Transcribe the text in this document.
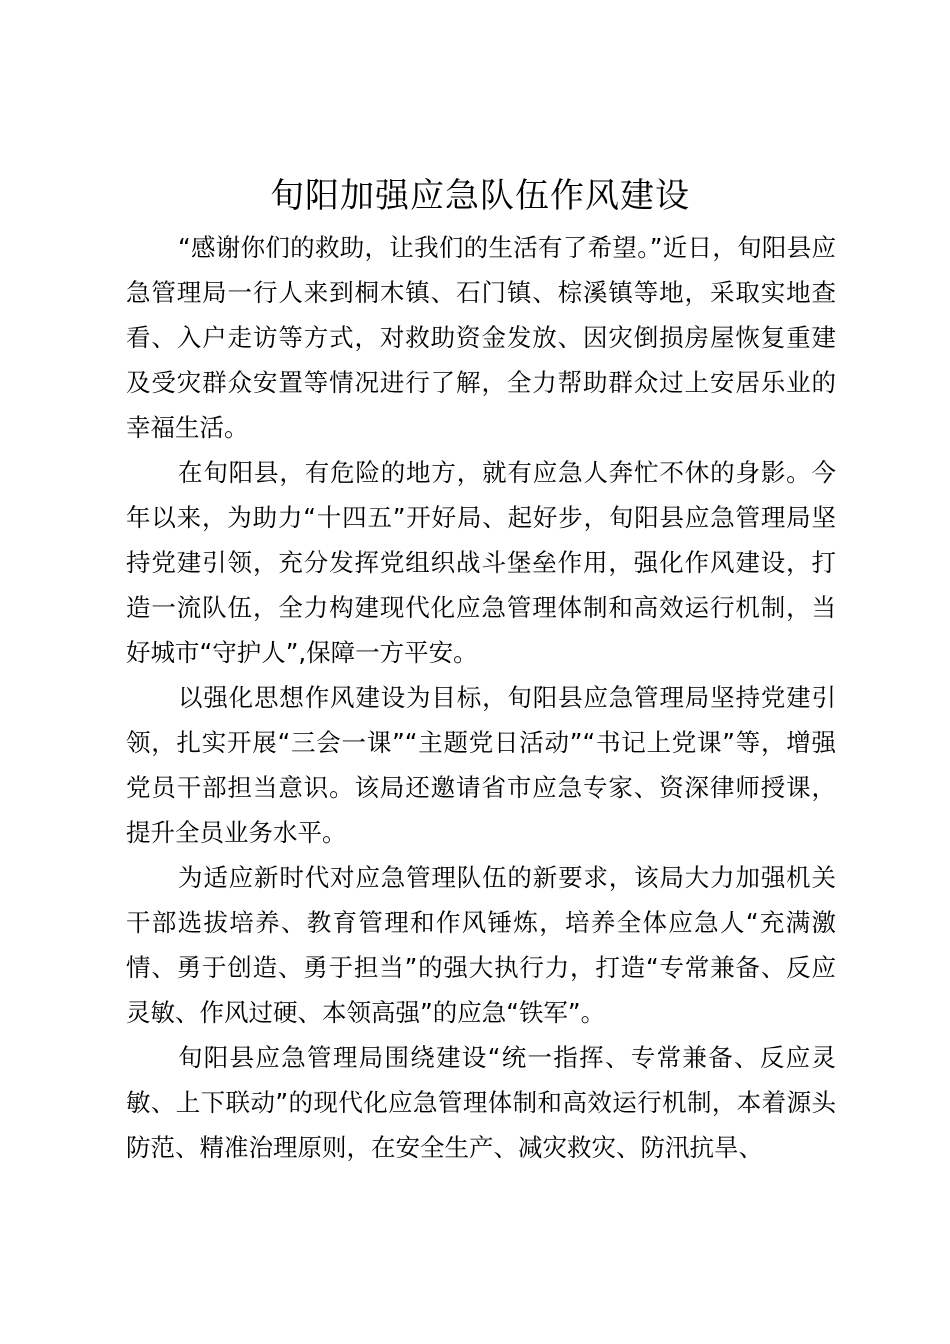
旬阳加强应急队伍作风建设

“感谢你们的救助，让我们的生活有了希望。”近日，旬阳县应急管理局一行人来到桐木镇、石门镇、棕溪镇等地，采取实地查看、入户走访等方式，对救助资金发放、因灾倒损房屋恢复重建及受灾群众安置等情况进行了解，全力帮助群众过上安居乐业的幸福生活。

在旬阳县，有危险的地方，就有应急人奔忙不休的身影。今年以来，为助力“十四五”开好局、起好步，旬阳县应急管理局坚持党建引领，充分发挥党组织战斗堡垒作用，强化作风建设，打造一流队伍，全力构建现代化应急管理体制和高效运行机制，当好城市“守护人”,保障一方平安。

以强化思想作风建设为目标，旬阳县应急管理局坚持党建引领，扎实开展“三会一课”“主题党日活动”“书记上党课”等，增强党员干部担当意识。该局还邀请省市应急专家、资深律师授课，提升全员业务水平。

为适应新时代对应急管理队伍的新要求，该局大力加强机关干部选拔培养、教育管理和作风锤炼，培养全体应急人“充满激情、勇于创造、勇于担当”的强大执行力，打造“专常兼备、反应灵敏、作风过硬、本领高强”的应急“铁军”。

旬阳县应急管理局围绕建设“统一指挥、专常兼备、反应灵敏、上下联动”的现代化应急管理体制和高效运行机制，本着源头防范、精准治理原则，在安全生产、减灾救灾、防汛抗旱、
